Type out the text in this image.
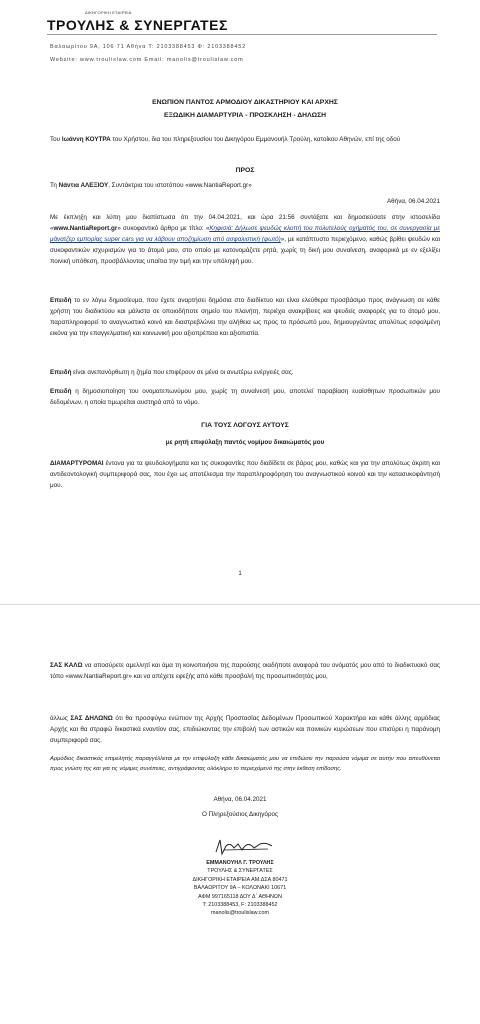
ΔΙΚΗΓΟΡΙΚΗ ΕΤΑΙΡΕΙΑ
ΤΡΟΥΛΗΣ & ΣΥΝΕΡΓΑΤΕΣ
Βαλαωρίτου 9Α, 106 71 Αθήνα Τ: 2103388453 Φ: 2103388452
Website: www.troulislaw.com Email: manolis@troulislaw.com
ΕΝΩΠΙΟΝ ΠΑΝΤΟΣ ΑΡΜΟΔΙΟΥ ΔΙΚΑΣΤΗΡΙΟΥ ΚΑΙ ΑΡΧΗΣ
ΕΞΩΔΙΚΗ ΔΙΑΜΑΡΤΥΡΙΑ - ΠΡΟΣΚΛΗΣΗ - ΔΗΛΩΣΗ
Του Ιωάννη ΚΟΥΤΡΑ του Χρήστου, δια του πληρεξουσίου του Δικηγόρου Εμμανουήλ Τρούλη, κατοίκου Αθηνών, επί της οδού
ΠΡΟΣ
Τη Νάντια ΑΛΕΞΙΟΥ, Συντάκτρια του ιστοτόπου «www.NantiaReport.gr»
Αθήνα, 06.04.2021
Με έκπληξη και λύπη μου διαπίστωσα ότι την 04.04.2021, και ώρα 21:56 συντάξατε και δημοσιεύσατε στην ιστοσελίδα «www.NantiaReport.gr» συκοφαντικό άρθρο με τίτλο: «Κηφισιά: Δήλωσε ψευδώς κλοπή του πολυτελούς οχήματός του, σε συνεργασία με μάνατζερ εμπορίας super cars για να λάβουν αποζημίωση από ασφαλιστική (φωτό)», με κατάπτυστο περιεχόμενο, καθώς βρίθει ψευδών και συκοφαντικών ισχυρισμών για το άτομό μου, στο οποίο με κατονομάζετε ρητά, χωρίς τη δική μου συναίνεση, αναφορικά με εν εξελίξει ποινική υπόθεση, προσβάλλοντας υπαίτια την τιμή και την υπόληψή μου.
Επειδή το εν λόγω δημοσίευμα, που έχετε αναρτήσει δημόσια στο διαδίκτυο και είναι ελεύθερα προσβάσιμο προς ανάγνωση σε κάθε χρήστη του διαδικτύου και μάλιστα σε οποιοδήποτε σημείο του πλανήτη, περιέχει ανακρίβειες και ψευδείς αναφορές για το άτομό μου, παραπληροφορεί το αναγνωστικό κοινό και διαστρεβλώνει την αλήθεια ως προς το πρόσωπό μου, δημιουργώντας απολύτως εσφαλμένη εικόνα για την επαγγελματική και κοινωνική μου αξιοπρέπεια και αξιοπιστία.
Επειδή είναι ανεπανόρθωτη η ζημία που επιφέρουν σε μένα οι ανωτέρω ενέργειές σας.
Επειδή η δημοσιοποίηση του ονοματεπωνύμου μου, χωρίς τη συναίνεσή μου, αποτελεί παραβίαση ευαίσθητων προσωπικών μου δεδομένων, η οποία τιμωρείται αυστηρά από το νόμο.
ΓΙΑ ΤΟΥΣ ΛΟΓΟΥΣ ΑΥΤΟΥΣ
με ρητή επιφύλαξη παντός νομίμου δικαιώματός μου
ΔΙΑΜΑΡΤΥΡΟΜΑΙ έντονα για τα ψευδολογήματα και τις συκοφαντίες που διαδίδετε σε βάρος μου, καθώς και για την απολύτως άκριτη και αντιδεοντολογική συμπεριφορά σας, που έχει ως αποτέλεσμα την παραπληροφόρηση του αναγνωστικού κοινού και την κατασυκοφάντησή μου.
1
ΣΑΣ ΚΑΛΩ να αποσύρετε αμελλητί και άμα τη κοινοποιήσει της παρούσης οιαδήποτε αναφορά του ονόματός μου από το διαδικτυακό σας τόπο «www.NantiaReport.gr» και να απέχετε εφεξής από κάθε προσβολή της προσωπικότητάς μου,
άλλως ΣΑΣ ΔΗΛΩΝΩ ότι θα προσφύγω ενώπιον της Αρχής Προστασίας Δεδομένων Προσωπικού Χαρακτήρα και κάθε άλλης αρμόδιας Αρχής και θα στραφώ δικαστικά εναντίον σας, επιδιώκοντας την επιβολή των αστικών και ποινικών κυρώσεων που επισύρει η παράνομη συμπεριφορά σας.
Αρμόδιος δικαστικός επιμελητής παραγγέλλεται με την επιφύλαξη κάθε δικαιώματός μου να επιδώσει την παρούσα νόμιμα σε αυτήν που απευθύνεται προς γνώση της και για τις νόμιμες συνέπειες, αντιγράφοντας ολόκληρο το περιεχόμενό της στην έκθεση επίδοσης.
Αθήνα, 06.04.2021
Ο Πληρεξούσιος Δικηγόρος
ΕΜΜΑΝΟΥΗΛ Γ. ΤΡΟΥΛΗΣ
ΤΡΟΥΛΗΣ & ΣΥΝΕΡΓΑΤΕΣ
ΔΙΚΗΓΟΡΙΚΗ ΕΤΑΙΡΕΙΑ ΑΜ.ΔΣΑ 80471
ΒΑΛΑΩΡΙΤΟΥ 9Α – ΚΟΛΩΝΑΚΙ 10671
ΑΦΜ 997165118 ΔΟΥ Δ΄ ΑΘΗΝΩΝ
Τ: 2103388453, F: 2103388452
manolis@troulislaw.com
